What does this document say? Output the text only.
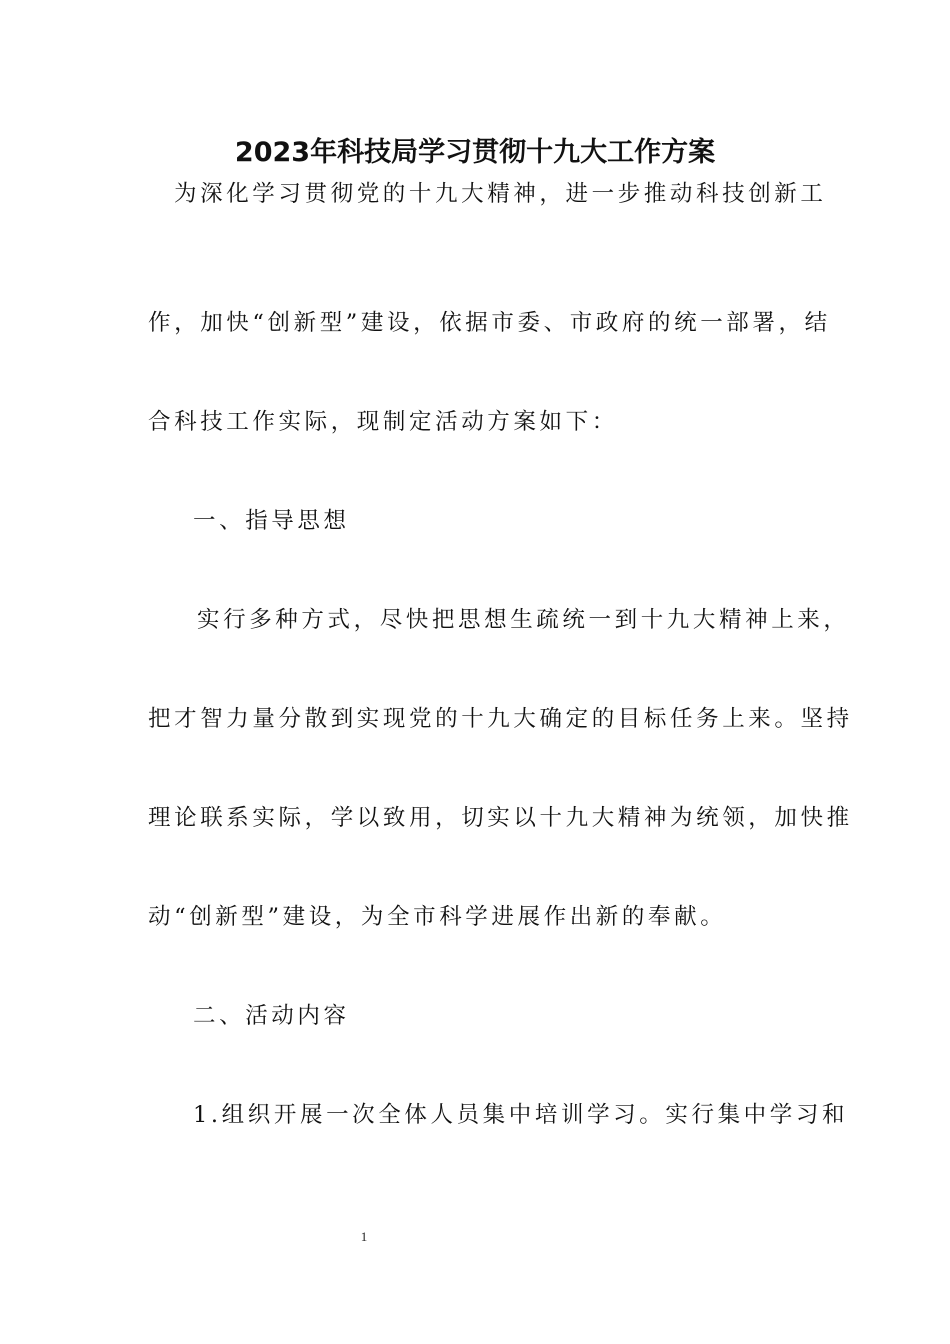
2023年科技局学习贯彻十九大工作方案
为深化学习贯彻党的十九大精神，进一步推动科技创新工
作，加快“创新型”建设，依据市委、市政府的统一部署，结
合科技工作实际，现制定活动方案如下：
一、指导思想
实行多种方式，尽快把思想生疏统一到十九大精神上来，
把才智力量分散到实现党的十九大确定的目标任务上来。坚持
理论联系实际，学以致用，切实以十九大精神为统领，加快推
动“创新型”建设，为全市科学进展作出新的奉献。
二、活动内容
1.组织开展一次全体人员集中培训学习。实行集中学习和
1
